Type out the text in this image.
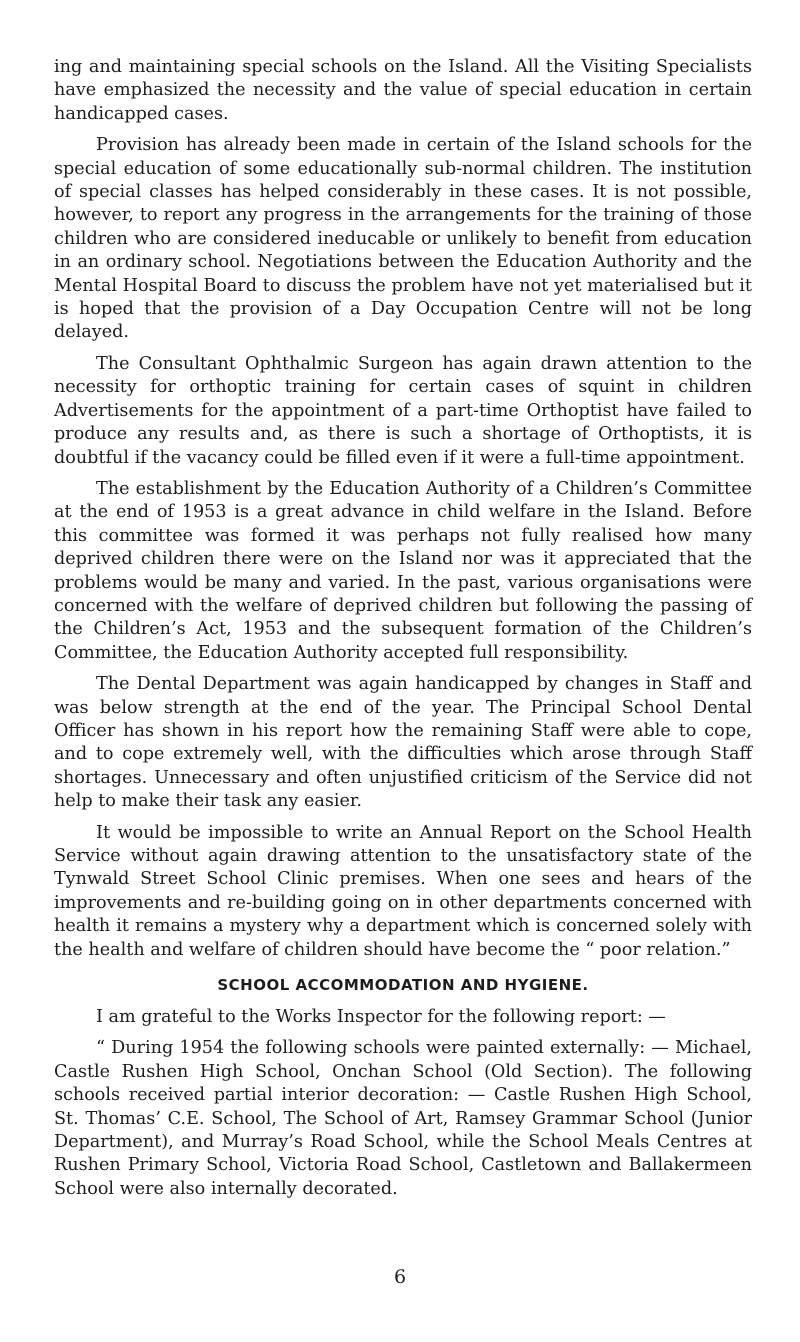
ing and maintaining special schools on the Island. All the Visiting Specialists have emphasized the necessity and the value of special education in certain handicapped cases.

Provision has already been made in certain of the Island schools for the special education of some educationally sub-normal children. The institution of special classes has helped considerably in these cases. It is not possible, however, to report any progress in the arrangements for the training of those children who are considered ineducable or unlikely to benefit from education in an ordinary school. Negotiations between the Education Authority and the Mental Hospital Board to discuss the problem have not yet materialised but it is hoped that the provision of a Day Occupation Centre will not be long delayed.

The Consultant Ophthalmic Surgeon has again drawn attention to the necessity for orthoptic training for certain cases of squint in children Advertisements for the appointment of a part-time Orthoptist have failed to produce any results and, as there is such a shortage of Orthoptists, it is doubtful if the vacancy could be filled even if it were a full-time appointment.

The establishment by the Education Authority of a Children’s Committee at the end of 1953 is a great advance in child welfare in the Island. Before this committee was formed it was perhaps not fully realised how many deprived children there were on the Island nor was it appreciated that the problems would be many and varied. In the past, various organisations were concerned with the welfare of deprived children but following the passing of the Children’s Act, 1953 and the subsequent formation of the Children’s Committee, the Education Authority accepted full responsibility.

The Dental Department was again handicapped by changes in Staff and was below strength at the end of the year. The Principal School Dental Officer has shown in his report how the remaining Staff were able to cope, and to cope extremely well, with the difficulties which arose through Staff shortages. Unnecessary and often unjustified criticism of the Service did not help to make their task any easier.

It would be impossible to write an Annual Report on the School Health Service without again drawing attention to the unsatisfactory state of the Tynwald Street School Clinic premises. When one sees and hears of the improvements and re-building going on in other departments concerned with health it remains a mystery why a department which is concerned solely with the health and welfare of children should have become the “ poor relation.”

SCHOOL ACCOMMODATION AND HYGIENE.

I am grateful to the Works Inspector for the following report: —

“ During 1954 the following schools were painted externally: — Michael, Castle Rushen High School, Onchan School (Old Section). The following schools received partial interior decoration: — Castle Rushen High School, St. Thomas’ C.E. School, The School of Art, Ramsey Grammar School (Junior Department), and Murray’s Road School, while the School Meals Centres at Rushen Primary School, Victoria Road School, Castletown and Ballakermeen School were also internally decorated.

6
